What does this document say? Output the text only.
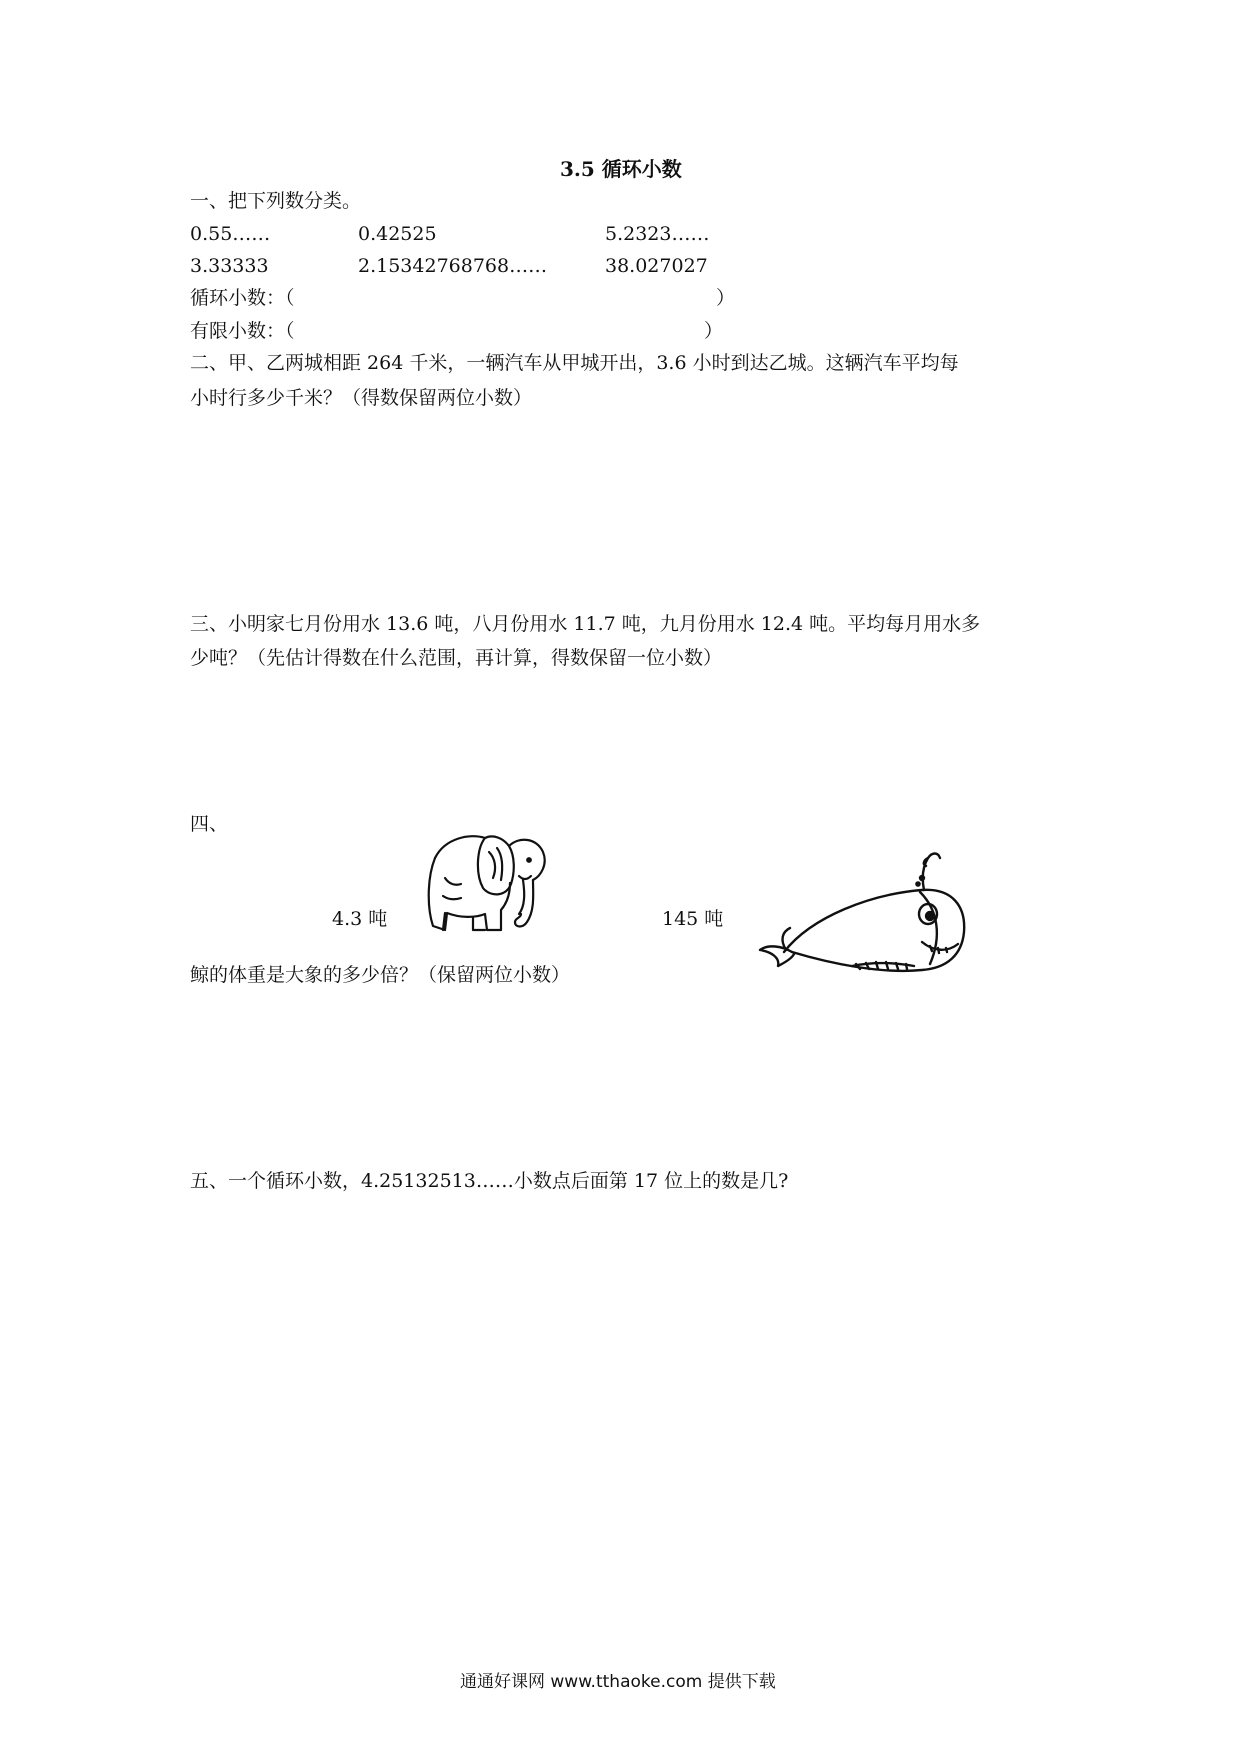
3.5 循环小数
一、把下列数分类。
0.55……	0.42525	5.2323……
3.33333	2.15342768768……	38.027027
循环小数：（	）
有限小数：（	）
二、甲、乙两城相距 264 千米，一辆汽车从甲城开出，3.6 小时到达乙城。这辆汽车平均每
小时行多少千米？（得数保留两位小数）
三、小明家七月份用水 13.6 吨，八月份用水 11.7 吨，九月份用水 12.4 吨。平均每月用水多
少吨？（先估计得数在什么范围，再计算，得数保留一位小数）
四、
4.3 吨	145 吨
鲸的体重是大象的多少倍？（保留两位小数）
五、一个循环小数，4.25132513……小数点后面第 17 位上的数是几?
通通好课网 www.tthaoke.com 提供下载
